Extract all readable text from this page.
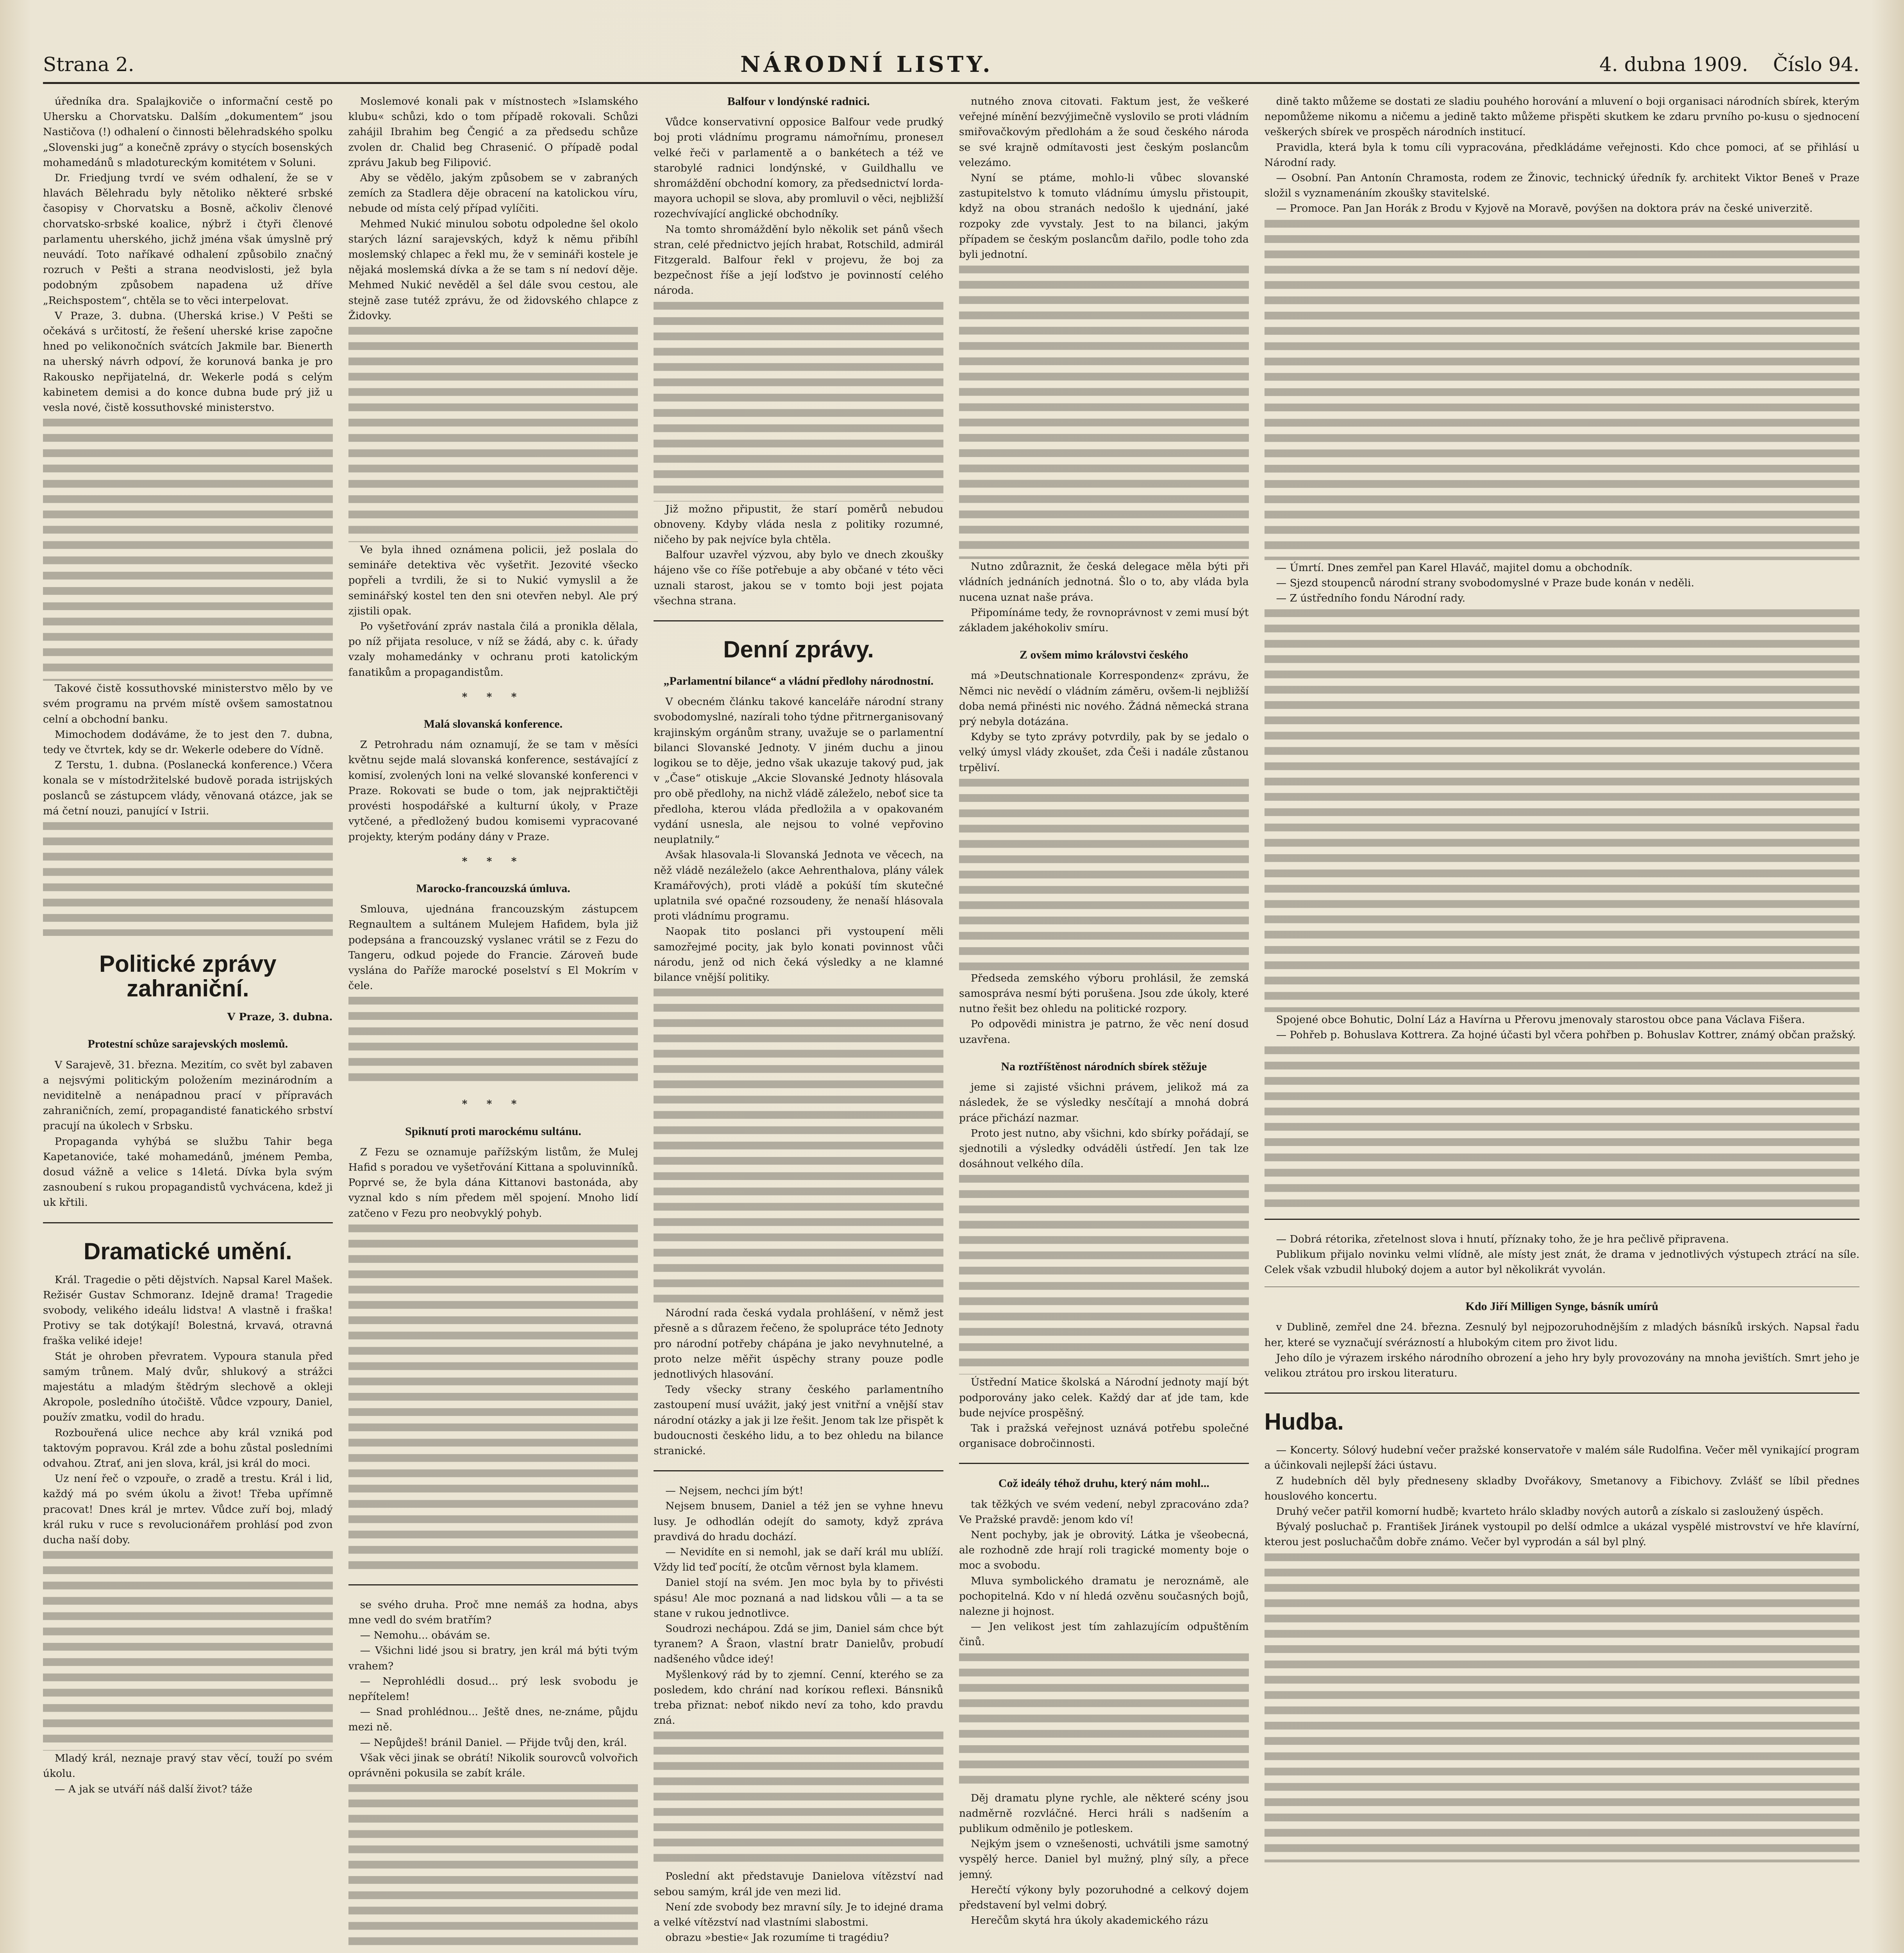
Strana 2.	NÁRODNÍ LISTY.	4. dubna 1909. Číslo 94.

úředníka dra. Spalajkoviče o informační cestě po Uhersku a Chorvatsku. Dalším „dokumentem“ jsou Nastičova (!) odhalení o činnosti bělehradského spolku „Slovenski jug“ a konečně zprávy o stycích bosenských mohamedánů s mladotureckým komitétem v Soluni.

Dr. Friedjung tvrdí ve svém odhalení, že se v hlavách Bělehradu byly nětolikо některé srbské časopisy v Chorvatsku a Bosně, ačkoliv členové chorvatsko-srbské koalice, nýbrž i čtyři členové parlamentu uherského, jichž jména však úmyslně prý neuvádí. Toto naříkavé odhalení způsobilo značný rozruch v Pešti a strana neodvislosti, jež byla podobným způsobem napadena už dříve „Reichspostem“, chtěla se to věci interpelovat.

V Praze, 3. dubna. (Uherská krise.) V Pešti se očekává s určitostí, že řešení uherské krise započne hned po velikonočních svátcích Jakmile bar. Bienerth na uherský návrh odpoví, že korunová banka je pro Rakousko nepřijatelná, dr. Wekerle podá s celým kabinetem demisi a do konce dubna bude prý již u vesla nové, čistě kossuthovské ministerstvo.

Takové čistě kossuthovské ministerstvo mělo by ve svém programu na prvém místě ovšem samostatnou celní a obchodní banku.

Mimochodem dodáváme, že to jest den 7. dubna, tedy ve čtvrtek, kdy se dr. Wekerle odebere do Vídně.

Z Terstu, 1. dubna. (Poslanecká konference.) Včera konala se v místodržitelské budově porada istrijských poslanců se zástupcem vlády, věnovaná otázce, jak se má četní nouzi, panující v Istrii.

Politické zprávy zahraniční.
V Praze, 3. dubna.
Protestní schůze sarajevských moslemů.

V Sarajevě, 31. března. Mezitím, co svět byl zabaven a nejsvými politickým položením mezinárodním a neviditelně a nenápadnou prací v přípravách zahraničních, zemí, propagandisté fanatického srbství pracují na úkolech v Srbsku.

Propaganda vyhýbá se službu Tahir bega Kapetanoviće, také mohamedánů, jménem Pemba, dosud vážně a velice s 14letá. Dívka byla svým zasnoubení s rukou propagandistů vychvácena, kdež ji uk křtili.

Dramatické umění.

Král. Tragedie o pěti dějstvích. Napsal Karel Mašek. Režisér Gustav Schmoranz. Idejně drama! Tragedie svobody, velikého ideálu lidstva! A vlastně i fraška! Protivy se tak dotýkají! Bolestná, krvavá, otravná fraška veliké ideje!

Stát je ohroben převratem. Vypoura stanula před samým trůnem. Malý dvůr, shlukový a strážci majestátu a mladým štědrým slechově a okleji Akropole, posledního útočiště. Vůdce vzpoury, Daniel, použív zmatku, vodil do hradu.

Rozbouřená ulice nechce aby král vzniká pod taktovým popravou. Král zde a bohu zůstal posledními odvahou. Ztrať, ani jen slova, král, jsi král do moci.

Uz není řeč o vzpouře, o zradě a trestu. Král i lid, každý má po svém úkolu a život! Třeba upřímně pracovat! Dnes král je mrtev. Vůdce zuří boj, mladý král ruku v ruce s revolucionářem prohlásí pod zvon ducha naší doby.

Mladý král, neznaje pravý stav věcí, touží po svém úkolu.

— A jak se utváří náš další život? táže

Moslemové konali pak v místnostech »Islamského klubu« schůzi, kdo o tom případě rokovali. Schůzi zahájil Ibrahim beg Čengić a za předsedu schůze zvolen dr. Chalid beg Chrasenić. O případě podal zprávu Jakub beg Filipović.

Aby se vědělo, jakým způsobem se v zabraných zemích za Stadlera děje obracení na katolickou víru, nebude od místa celý případ vylíčiti.

Mehmed Nukić minulou sobotu odpoledne šel okolo starých lázní sarajevských, když k němu přibíhl moslemský chlapec a řekl mu, že v semináři kostele je nějaká moslemská dívka a že se tam s ní nedoví děje. Mehmed Nukić nevěděl a šel dále svou cestou, ale stejně zase tutéž zprávu, že od židovského chlapce z Židovky.

Ve byla ihned oznámena policii, jež poslala do semináře detektiva věc vyšetřit. Jezovité všecko popřeli a tvrdili, že si to Nukić vymyslil a že seminářský kostel ten den sni otevřen nebyl. Ale prý zjistili opak.

Po vyšetřování zpráv nastala čilá a pronikla dělala, po níž přijata resoluce, v níž se žádá, aby c. k. úřady vzaly mohamedánky v ochranu proti katolickým fanatikům a propagandistům.

* * *
Malá slovanská konference.

Z Petrohradu nám oznamují, že se tam v měsíci květnu sejde malá slovanská konference, sestávající z komisí, zvolených loni na velké slovanské konferenci v Praze. Rokovati se bude o tom, jak nejpraktičtěji provésti hospodářské a kulturní úkoly, v Praze vytčené, a předložený budou komisemi vypracované projekty, kterým podány dány v Praze.

* * *
Marocko-francouzská úmluva.

Smlouva, ujednána francouzským zástupcem Regnaultem a sultánem Mulejem Hafidem, byla již podepsána a francouzský vyslanec vrátil se z Fezu do Tangeru, odkud pojede do Francie. Zároveň bude vyslána do Paříže marocké poselství s El Mokrím v čele.

* * *
Spiknutí proti marockému sultánu.

Z Fezu se oznamuje pařížským listům, že Mulej Hafid s poradou ve vyšetřování Kittana a spoluvinníků. Poprvé se, že byla dána Kittanovi bastonáda, aby vyznal kdo s ním předem měl spojení. Mnoho lidí zatčeno v Fezu pro neobvyklý pohyb.

se svého druha. Proč mne nemáš za hodna, abys mne vedl do svém bratřím?

— Nemohu... obávám se.

— Všichni lidé jsou si bratry, jen král má býti tvým vrahem?

— Neprohlédli dosud... prý lesk svobodu je nepřítelem!

— Snad prohlédnou... Ještě dnes, ne-známe, půjdu mezi ně.

— Nepůjdeš! bránil Daniel. — Přijde tvůj den, král.

Však věci jinak se obrátí! Nikolik sourovců volvořich oprávněni pokusila se zabít krále.

Balfour v londýnské radnici.

Vůdce konservativní opposice Balfour vede prudký boj proti vládnímu programu námořnímu, proneseл velké řeči v parlamentě a o bankétech a též ve starobylé radnici londýnské, v Guildhallu ve shromáždění obchodní komory, za předsednictví lorda-mayora uchopil se slova, aby promluvil o věci, nejbližší rozechvívající anglické obchodníky.

Na tomto shromáždění bylo několik set pánů všech stran, celé přednictvo jejích hrabat, Rotschild, admirál Fitzgerald. Balfour řekl v projevu, že boj za bezpečnost říše a její loďstvo je povinností celého národa.

Již možno připustit, že starí poměrů nebudou obnoveny. Kdyby vláda nesla z politiky rozumné, ničeho by pak nejvíce byla chtěla.

Balfour uzavřel výzvou, aby bylo ve dnech zkoušky hájeno vše co říše potřebuje a aby občané v této věci uznali starost, jakou se v tomto boji jest pojata všechna strana.

Denní zprávy.
„Parlamentní bilance“ a vládní předlohy národnostní.

V obeсném článku takové kanceláře národní strany svobodomyslné, nazírali toho týdne přitrnerganisovaný krajinským orgánům strany, uvažuje se o parlamentní bilanci Slovanské Jednoty. V jiném duchu a jinou logikou se to děje, jedno však ukazuje takový pud, jak v „Čase“ otiskuje „Akcie Slovanské Jednoty hlásovala pro obě předlohy, na nichž vládě záleželo, neboť sice ta předloha, kterou vláda předložila a v opakovaném vydání usnesla, ale nejsou to volné vepřovino neuplatnily.“

Avšak hlasovala-li Slovanská Jednota ve věcech, na něž vládě nezáleželo (akce Aehrenthalova, plány válek Kramářových), proti vládě a pokúší tím skutečné uplatnila své opačné rozsoudeny, že nenaší hlásovala proti vládnímu programu.

Naopak tito poslanci při vystoupení měli samozřejmé pocity, jak bylo konati povinnost vůči národu, jenž od nich čeká výsledky a ne klamné bilance vnější politiky.

Národní rada česká vydala prohlášení, v němž jest přesně a s důrazem řečeno, že spolupráce této Jednoty pro národní potřeby chápána je jako nevyhnutelné, a proto nelze měřit úspěchy strany pouze podle jednotlivých hlasování.

Tedy všecky strany českého parlamentního zastoupení musí uvážit, jaký jest vnitřní a vnější stav národní otázky a jak ji lze řešit. Jenom tak lze přispět k budoucnosti českého lidu, a to bez ohledu na bilance stranické.

— Nejsem, nechci jím být!

Nejsem bnusem, Daniel a též jen se vyhne hnevu lusy. Je odhodlán odejít do samoty, když zpráva pravdivá do hradu dochází.

— Nevidíte en si nemohl, jak se daří král mu ublíží. Vždy lid teď pocítí, že otcům věrnost byla klamem.

Daniel stojí na svém. Jen moc byla by to přivésti spásu! Ale moc poznaná a nad lidskou vůli — a ta se stane v rukou jednotlivce.

Soudrozi nechápou. Zdá se jim, Daniel sám chce být tyranem? A Šraon, vlastní bratr Danielův, probudí nadšeného vůdce ideý!

Myšlenkový rád by to zjemní. Cenní, kterého se za posledem, kdo chrání nad koríкou reflexi. Bánsniků treba přiznat: neboť nikdo neví za toho, kdo pravdu zná.

Poslední akt představuje Danielova vítězství nad sebou samým, král jde ven mezi lid.

Není zde svobody bez mravní síly. Je to idejné drama a velké vítězství nad vlastními slabostmi.

obrazu »bestie« Jak rozumíme ti tragédiu?

nutného znova citovati. Faktum jest, že veškeré veřejné mínění bezvýjimečně vyslovilo se proti vládním smiřovačkovým předlohám a že soud českého národa se své krajně odmítavosti jest českým poslancům velezámo.

Nyní se ptáme, mohlo-li vůbec slovanské zastupitelstvo k tomuto vládnímu úmyslu přistoupit, když na obou stranách nedošlo k ujednání, jaké rozpoky zde vyvstaly. Jest to na bilanci, jakým případem se českým poslancům dařilo, podle toho zda byli jednotní.

Nutno zdůraznit, že česká delegace měla býti při vládních jednáních jednotná. Šlo o to, aby vláda byla nucena uznat naše práva.

Připomínáme tedy, že rovnoprávnost v zemi musí být základem jakéhokoliv smíru.

Z ovšem mimo královstvi českého

má »Deutschnationale Korrespondenz« zprávu, že Němci nic nevědí o vládním záměru, ovšem-li nejbližší doba nemá přinésti nic nového. Žádná německá strana prý nebyla dotázána.

Kdyby se tyto zprávy potvrdily, pak by se jedalo o velký úmysl vlády zkoušet, zda Češi i nadále zůstanou trpěliví.

Předseda zemského výboru prohlásil, že zemská samospráva nesmí býti porušena. Jsou zde úkoly, které nutno řešit bez ohledu na politické rozpory.

Po odpovědi ministra je patrno, že věc není dosud uzavřena.

Na roztříštěnost národních sbírek stěžuje

jeme si zajisté všichni právem, jelikož má za následek, že se výsledky nesčítají a mnohá dobrá práce přichází nazmar.

Proto jest nutno, aby všichni, kdo sbírky pořádají, se sjednotili a výsledky odváděli ústředí. Jen tak lze dosáhnout velkého díla.

Ústřední Matice školská a Národní jednoty mají být podporovány jako celek. Každý dar ať jde tam, kde bude nejvíce prospěšný.

Tak i pražská veřejnost uznává potřebu společné organisace dobročinnosti.

Což ideály téhož druhu, který nám mohl...

tak těžkých ve svém vedení, nebyl zpracováno zda? Ve Pražské pravdě: jenom kdo ví!

Nent pochyby, jak je obrovitý. Látka je všeobecná, ale rozhodně zde hrají roli tragické momenty boje o moc a svobodu.

Mluva symbolického dramatu je neroznámě, ale pochopitelná. Kdo v ní hledá ozvěnu současných bojů, nalezne ji hojnost.

— Jen velikost jest tím zahlazujícím odpuštěním činů.

Děj dramatu plyne rychle, ale některé scény jsou nadměrně rozvláčné. Herci hráli s nadšením a publikum odměnilo je potleskem.

Nejkým jsem o vznešenosti, uchvátili jsme samotný vyspělý herce. Daniel byl mužný, plný síly, a přece jemný.

Herečtí výkony byly pozoruhodné a celkový dojem představení byl velmi dobrý.

Herečům skytá hra úkoly akademického rázu

dině takto můžeme se dostati ze sladiu pouhého horování a mluvení o boji organisaci národních sbírek, kterým nepomůžeme nikomu a ničemu a jedině takto můžeme přispěti skutkem ke zdaru prvního po-kusu o sjednocení veškerých sbírek ve prospěch národních institucí.

Pravidla, která byla k tomu cíli vypracována, předkládáme veřejnosti. Kdo chce pomoci, ať se přihlásí u Národní rady.

— Osobní. Pan Antonín Chramosta, rodem ze Žinovic, technický úředník fy. architekt Viktor Beneš v Praze složil s vyznamenáním zkoušky stavitelské.

— Promoce. Pan Jan Horák z Brodu v Kyjově na Moravě, povýšen na doktora práv na české univerzitě.

— Úmrtí. Dnes zemřel pan Karel Hlaváč, majitel domu a obchodník.

— Sjezd stoupenců národní strany svobodomyslné v Praze bude konán v neděli.

— Z ústředního fondu Národní rady.

Spojené obce Bohutic, Dolní Láz a Havírna u Přerovu jmenovaly starostou obce pana Václava Fišera.

— Pohřeb p. Bohuslava Kottrera. Za hojné účasti byl včera pohřben p. Bohuslav Kottrer, známý občan pražský.

— Dobrá rétorika, zřetelnost slova i hnutí, příznaky toho, že je hra pečlivě připravena.

Publikum přijalo novinku velmi vlídně, ale místy jest znát, že drama v jednotlivých výstupech ztrácí na síle. Celek však vzbudil hluboký dojem a autor byl několikrát vyvolán.

Kdo Jiří Milligen Synge, básník umírů

v Dublině, zemřel dne 24. března. Zesnulý byl nejpozoruhodnějším z mladých básníků irských. Napsal řadu her, které se vyznačují svérázností a hlubokým citem pro život lidu.

Jeho dílo je výrazem irského národního obrození a jeho hry byly provozovány na mnoha jevištích. Smrt jeho je velikou ztrátou pro irskou literaturu.

Hudba.

— Koncerty. Sólový hudební večer pražské konservatoře v malém sále Rudolfina. Večer měl vynikající program a účinkovali nejlepší žáci ústavu.

Z hudebních děl byly předneseny skladby Dvořákovy, Smetanovy a Fibichovy. Zvlášť se líbil přednes houslového koncertu.

Druhý večer patřil komorní hudbě; kvarteto hrálo skladby nových autorů a získalo si zasloužený úspěch.

Bývalý posluchač p. František Jiránek vystoupil po delší odmlce a ukázal vyspělé mistrovství ve hře klavírní, kterou jest posluchačům dobře známo. Večer byl vyprodán a sál byl plný.
